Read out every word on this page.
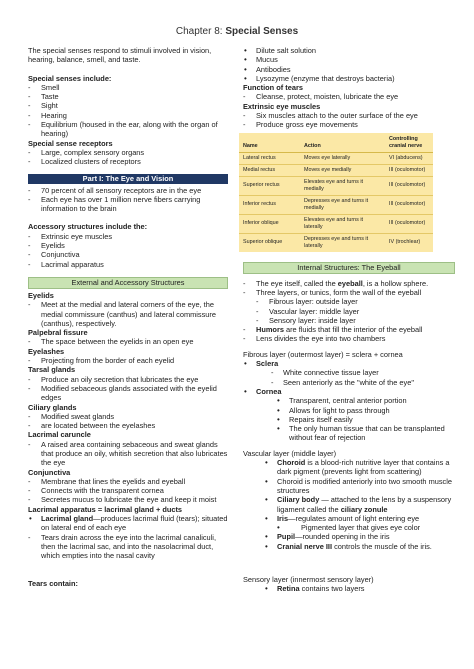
Chapter 8: Special Senses

The special senses respond to stimuli involved in vision, hearing, balance, smell, and taste.

Special senses include:

- Smell

- Taste

- Sight

- Hearing

- Equilibrium (housed in the ear, along with the organ of hearing)

Special sense receptors

- Large, complex sensory organs

- Localized clusters of receptors

Part I: The Eye and Vision

- 70 percent of all sensory receptors are in the eye

- Each eye has over 1 million nerve fibers carrying information to the brain

Accessory structures include the:

- Extrinsic eye muscles

- Eyelids

- Conjunctiva

- Lacrimal apparatus

External and Accessory Structures

Eyelids

- Meet at the medial and lateral corners of the eye, the medial commissure (canthus) and lateral commissure (canthus), respectively.

Palpebral fissure

- The space between the eyelids in an open eye

Eyelashes

- Projecting from the border of each eyelid

Tarsal glands

- Produce an oily secretion that lubricates the eye

- Modified sebaceous glands associated with the eyelid edges

Ciliary glands

- Modified sweat glands

- are located between the eyelashes

Lacrimal caruncle

- A raised area containing sebaceous and sweat glands that produce an oily, whitish secretion that also lubricates the eye

Conjunctiva

- Membrane that lines the eyelids and eyeball

- Connects with the transparent cornea

- Secretes mucus to lubricate the eye and keep it moist

Lacrimal apparatus = lacrimal gland + ducts

• Lacrimal gland—produces lacrimal fluid (tears); situated on lateral end of each eye

- Tears drain across the eye into the lacrimal canaliculi, then the lacrimal sac, and into the nasolacrimal duct, which empties into the nasal cavity

Tears contain:

• Dilute salt solution

• Mucus

• Antibodies

• Lysozyme (enzyme that destroys bacteria)

Function of tears

- Cleanse, protect, moisten, lubricate the eye

Extrinsic eye muscles

- Six muscles attach to the outer surface of the eye

- Produce gross eye movements

Name	Action	Controlling cranial nerve
Lateral rectus	Moves eye laterally	VI (abducens)
Medial rectus	Moves eye medially	III (oculomotor)
Superior rectus	Elevates eye and turns it medially	III (oculomotor)
Inferior rectus	Depresses eye and turns it medially	III (oculomotor)
Inferior oblique	Elevates eye and turns it laterally	III (oculomotor)
Superior oblique	Depresses eye and turns it laterally	IV (trochlear)
Internal Structures: The Eyeball

- The eye itself, called the eyeball, is a hollow sphere.

- Three layers, or tunics, form the wall of the eyeball

- Fibrous layer: outside layer

- Vascular layer: middle layer

- Sensory layer: inside layer

- Humors are fluids that fill the interior of the eyeball

- Lens divides the eye into two chambers

Fibrous layer (outermost layer) = sclera + cornea

• Sclera

- White connective tissue layer

- Seen anteriorly as the "white of the eye"

• Cornea

• Transparent, central anterior portion

• Allows for light to pass through

• Repairs itself easily

• The only human tissue that can be transplanted without fear of rejection

Vascular layer (middle layer)

• Choroid is a blood-rich nutritive layer that contains a dark pigment (prevents light from scattering)

• Choroid is modified anteriorly into two smooth muscle structures

• Ciliary body — attached to the lens by a suspensory ligament called the ciliary zonule

• Iris—regulates amount of light entering eye

• Pigmented layer that gives eye color

• Pupil—rounded opening in the iris

• Cranial nerve III controls the muscle of the iris.

Sensory layer (innermost sensory layer)

• Retina contains two layers
